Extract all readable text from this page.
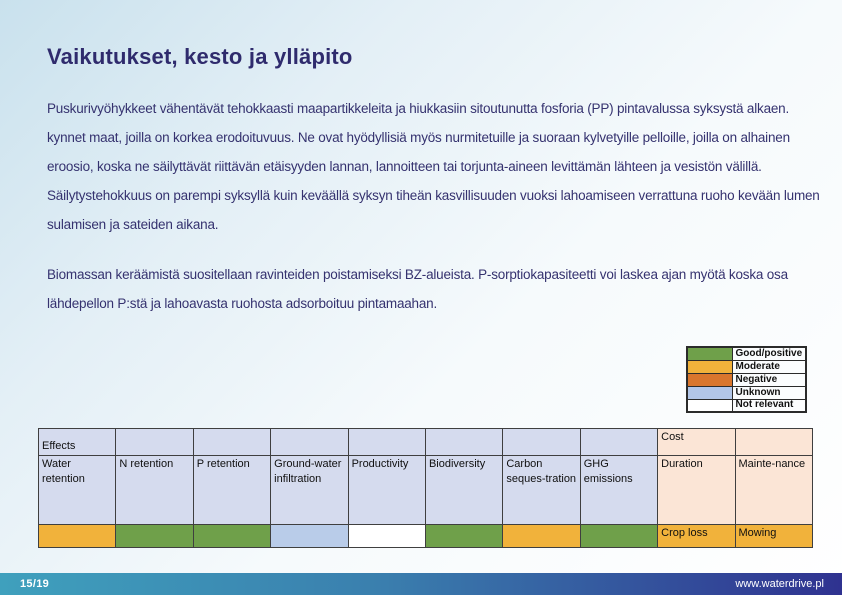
Vaikutukset, kesto ja ylläpito

Puskurivyöhykkeet vähentävät tehokkaasti maapartikkeleita ja hiukkasiin sitoutunutta fosforia (PP) pintavalussa syksystä alkaen. kynnet maat, joilla on korkea erodoituvuus. Ne ovat hyödyllisiä myös nurmitetuille ja suoraan kylvetyille pelloille, joilla on alhainen eroosio, koska ne säilyttävät riittävän etäisyyden lannan, lannoitteen tai torjunta-aineen levittämän lähteen ja vesistön välillä. Säilytystehokkuus on parempi syksyllä kuin keväällä syksyn tiheän kasvillisuuden vuoksi lahoamiseen verrattuna ruoho kevään lumen sulamisen ja sateiden aikana.

Biomassan keräämistä suositellaan ravinteiden poistamiseksi BZ-alueista. P-sorptiokapasiteetti voi laskea ajan myötä koska osa lähdepellon P:stä ja lahoavasta ruohosta adsorboituu pintamaahan.

	Good/positive
	Moderate
	Negative
	Unknown
	Not relevant
Effects								Cost	
Water retention	N retention	P retention	Ground-water infiltration	Productivity	Biodiversity	Carbon seques-tration	GHG emissions	Duration	Mainte-nance
								Crop loss	Mowing
15/19	www.waterdrive.pl
